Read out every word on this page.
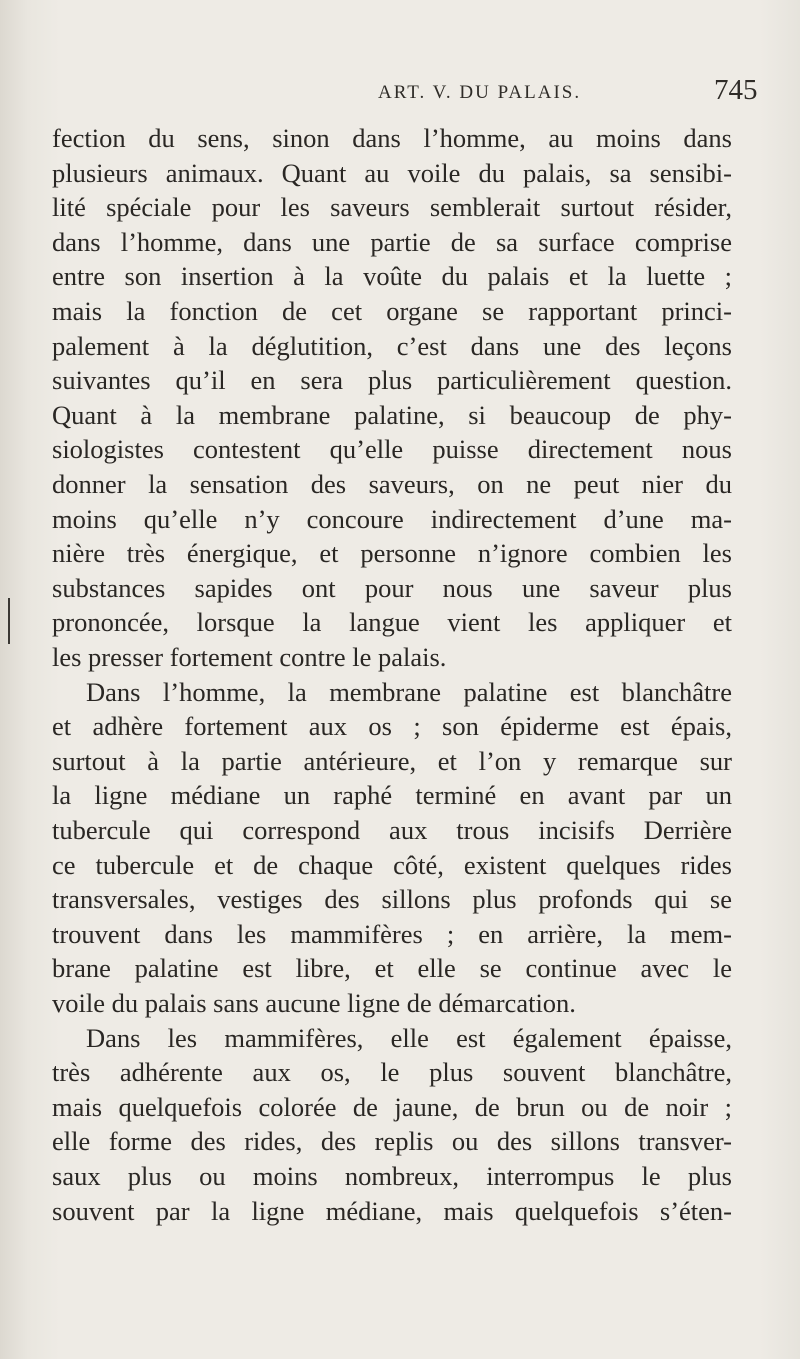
ART. V. DU PALAIS.	745
fection du sens, sinon dans l’homme, au moins dans
plusieurs animaux. Quant au voile du palais, sa sensibi-
lité spéciale pour les saveurs semblerait surtout résider,
dans l’homme, dans une partie de sa surface comprise
entre son insertion à la voûte du palais et la luette ;
mais la fonction de cet organe se rapportant princi-
palement à la déglutition, c’est dans une des leçons
suivantes qu’il en sera plus particulièrement question.
Quant à la membrane palatine, si beaucoup de phy-
siologistes contestent qu’elle puisse directement nous
donner la sensation des saveurs, on ne peut nier du
moins qu’elle n’y concoure indirectement d’une ma-
nière très énergique, et personne n’ignore combien les
substances sapides ont pour nous une saveur plus
prononcée, lorsque la langue vient les appliquer et
les presser fortement contre le palais.
Dans l’homme, la membrane palatine est blanchâtre
et adhère fortement aux os ; son épiderme est épais,
surtout à la partie antérieure, et l’on y remarque sur
la ligne médiane un raphé terminé en avant par un
tubercule qui correspond aux trous incisifs Derrière
ce tubercule et de chaque côté, existent quelques rides
transversales, vestiges des sillons plus profonds qui se
trouvent dans les mammifères ; en arrière, la mem-
brane palatine est libre, et elle se continue avec le
voile du palais sans aucune ligne de démarcation.
Dans les mammifères, elle est également épaisse,
très adhérente aux os, le plus souvent blanchâtre,
mais quelquefois colorée de jaune, de brun ou de noir ;
elle forme des rides, des replis ou des sillons transver-
saux plus ou moins nombreux, interrompus le plus
souvent par la ligne médiane, mais quelquefois s’éten-
